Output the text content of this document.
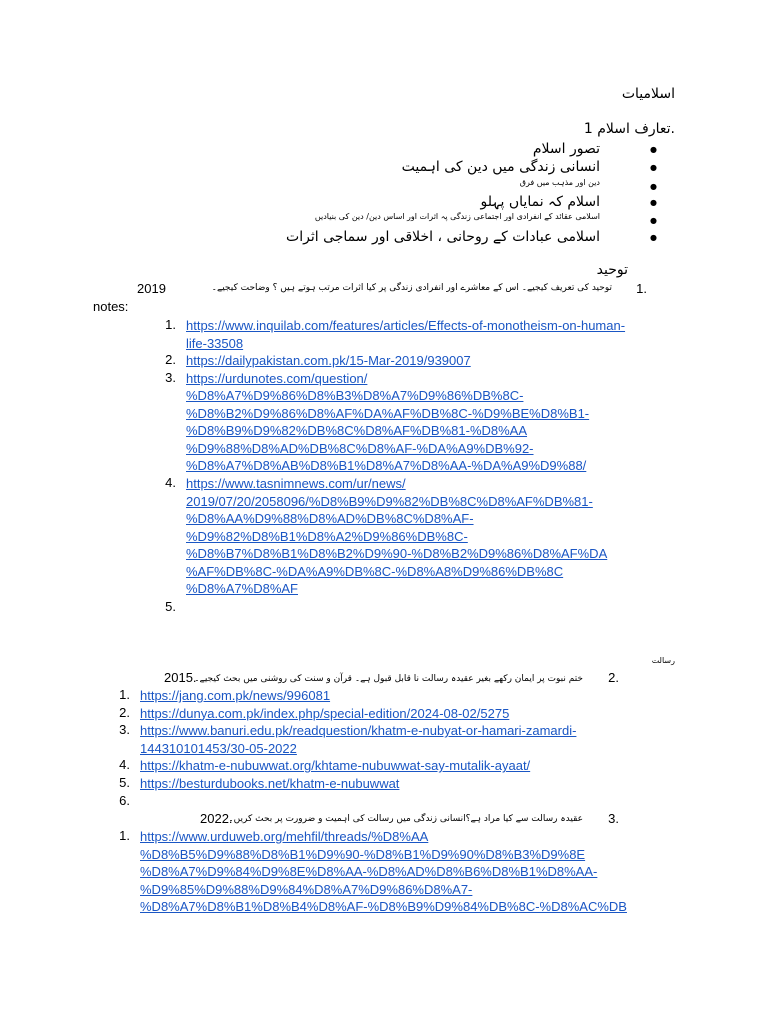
اسلامیات
تعارف اسلام 1.
●
تصور اسلام
●
انسانی زندگی میں دین کی اہمیت
●
دین اور مذہب میں فرق
●
اسلام کہ نمایاں پہلو
●
اسلامی عقائد کے انفرادی اور اجتماعی زندگی پہ اثرات اور اساس دین/ دین کی بنیادیں
●
اسلامی عبادات کے روحانی ، اخلاقی اور سماجی اثرات
توحید
2019	توحید کی تعریف کیجیے۔ اس کے معاشرے اور انفرادی زندگی پر کیا اثرات مرتب ہوتے ہیں ؟ وضاحت کیجیے۔ 1.
notes:
1. https://www.inquilab.com/features/articles/Effects-of-monotheism-on-human-
life-33508
2. https://dailypakistan.com.pk/15-Mar-2019/939007
3. https://urdunotes.com/question/
%D8%A7%D9%86%D8%B3%D8%A7%D9%86%DB%8C-
%D8%B2%D9%86%D8%AF%DA%AF%DB%8C-%D9%BE%D8%B1-
%D8%B9%D9%82%DB%8C%D8%AF%DB%81-%D8%AA
%D9%88%D8%AD%DB%8C%D8%AF-%DA%A9%DB%92-
%D8%A7%D8%AB%D8%B1%D8%A7%D8%AA-%DA%A9%D9%88/
4. https://www.tasnimnews.com/ur/news/
2019/07/20/2058096/%D8%B9%D9%82%DB%8C%D8%AF%DB%81-
%D8%AA%D9%88%D8%AD%DB%8C%D8%AF-
%D9%82%D8%B1%D8%A2%D9%86%DB%8C-
%D8%B7%D8%B1%D8%B2%D9%90-%D8%B2%D9%86%D8%AF%DA
%AF%DB%8C-%DA%A9%DB%8C-%D8%A8%D9%86%DB%8C
%D8%A7%D8%AF
5.
رسالت
2015.
ختم نبوت پر ایمان رکھے بغیر عقیدہ رسالت نا قابل قبول ہے۔ قرآن و سنت کی روشنی میں بحث کیجیے۔ 2.
1. https://jang.com.pk/news/996081
2. https://dunya.com.pk/index.php/special-edition/2024-08-02/5275
3. https://www.banuri.edu.pk/readquestion/khatm-e-nubyat-or-hamari-zamardi-
144310101453/30-05-2022
4. https://khatm-e-nubuwwat.org/khtame-nubuwwat-say-mutalik-ayaat/
5. https://besturdubooks.net/khatm-e-nubuwwat
6.
2022.
عقیدہ رسالت سے کیا مراد ہے؟انسانی زندگی میں رسالت کی اہمیت و ضرورت پر بحث کریں۔ 3.
1. https://www.urduweb.org/mehfil/threads/%D8%AA
%D8%B5%D9%88%D8%B1%D9%90-%D8%B1%D9%90%D8%B3%D9%8E
%D8%A7%D9%84%D9%8E%D8%AA-%D8%AD%D8%B6%D8%B1%D8%AA-
%D9%85%D9%88%D9%84%D8%A7%D9%86%D8%A7-
%D8%A7%D8%B1%D8%B4%D8%AF-%D8%B9%D9%84%DB%8C-%D8%AC%DB
